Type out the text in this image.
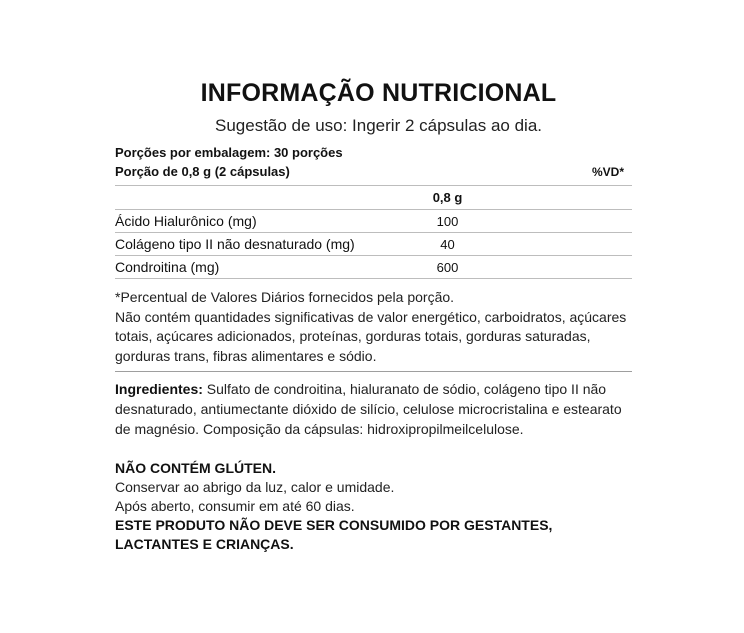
INFORMAÇÃO NUTRICIONAL
Sugestão de uso: Ingerir 2 cápsulas ao dia.
Porções por embalagem: 30 porções
Porção de 0,8 g (2 cápsulas)	%VD*
0,8 g
Ácido Hialurônico (mg)	100
Colágeno tipo II não desnaturado (mg)	40
Condroitina (mg)	600
*Percentual de Valores Diários fornecidos pela porção.
Não contém quantidades significativas de valor energético, carboidratos, açúcares totais, açúcares adicionados, proteínas, gorduras totais, gorduras saturadas, gorduras trans, fibras alimentares e sódio.
Ingredientes: Sulfato de condroitina, hialuranato de sódio, colágeno tipo II não desnaturado, antiumectante dióxido de silício, celulose microcristalina e estearato de magnésio. Composição da cápsulas: hidroxipropilmeilcelulose.
NÃO CONTÉM GLÚTEN.
Conservar ao abrigo da luz, calor e umidade.
Após aberto, consumir em até 60 dias.
ESTE PRODUTO NÃO DEVE SER CONSUMIDO POR GESTANTES, LACTANTES E CRIANÇAS.
